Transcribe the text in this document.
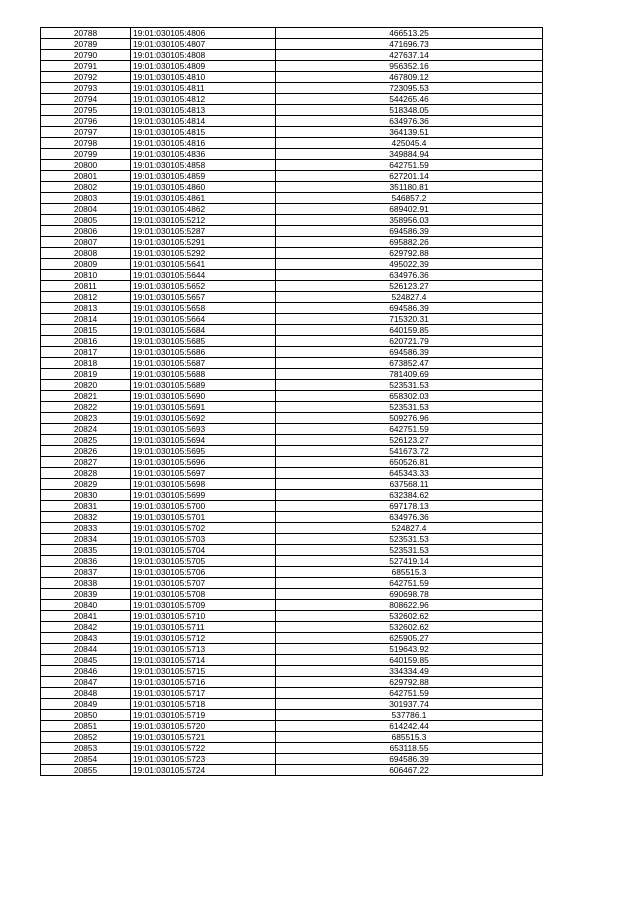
20788	19:01:030105:4806	466513.25
20789	19:01:030105:4807	471696.73
20790	19:01:030105:4808	427637.14
20791	19:01:030105:4809	956352.16
20792	19:01:030105:4810	467809.12
20793	19:01:030105:4811	723095.53
20794	19:01:030105:4812	544265.46
20795	19:01:030105:4813	518348.05
20796	19:01:030105:4814	634976.36
20797	19:01:030105:4815	364139.51
20798	19:01:030105:4816	425045.4
20799	19:01:030105:4836	349884.94
20800	19:01:030105:4858	642751.59
20801	19:01:030105:4859	627201.14
20802	19:01:030105:4860	351180.81
20803	19:01:030105:4861	546857.2
20804	19:01:030105:4862	689402.91
20805	19:01:030105:5212	358956.03
20806	19:01:030105:5287	694586.39
20807	19:01:030105:5291	695882.26
20808	19:01:030105:5292	629792.88
20809	19:01:030105:5641	495022.39
20810	19:01:030105:5644	634976.36
20811	19:01:030105:5652	526123.27
20812	19:01:030105:5657	524827.4
20813	19:01:030105:5658	694586.39
20814	19:01:030105:5664	715320.31
20815	19:01:030105:5684	640159.85
20816	19:01:030105:5685	620721.79
20817	19:01:030105:5686	694586.39
20818	19:01:030105:5687	673852.47
20819	19:01:030105:5688	781409.69
20820	19:01:030105:5689	523531.53
20821	19:01:030105:5690	658302.03
20822	19:01:030105:5691	523531.53
20823	19:01:030105:5692	509276.96
20824	19:01:030105:5693	642751.59
20825	19:01:030105:5694	526123.27
20826	19:01:030105:5695	541673.72
20827	19:01:030105:5696	650526.81
20828	19:01:030105:5697	645343.33
20829	19:01:030105:5698	637568.11
20830	19:01:030105:5699	632384.62
20831	19:01:030105:5700	697178.13
20832	19:01:030105:5701	634976.36
20833	19:01:030105:5702	524827.4
20834	19:01:030105:5703	523531.53
20835	19:01:030105:5704	523531.53
20836	19:01:030105:5705	527419.14
20837	19:01:030105:5706	685515.3
20838	19:01:030105:5707	642751.59
20839	19:01:030105:5708	690698.78
20840	19:01:030105:5709	808622.96
20841	19:01:030105:5710	532602.62
20842	19:01:030105:5711	532602.62
20843	19:01:030105:5712	625905.27
20844	19:01:030105:5713	519643.92
20845	19:01:030105:5714	640159.85
20846	19:01:030105:5715	334334.49
20847	19:01:030105:5716	629792.88
20848	19:01:030105:5717	642751.59
20849	19:01:030105:5718	301937.74
20850	19:01:030105:5719	537786.1
20851	19:01:030105:5720	614242.44
20852	19:01:030105:5721	685515.3
20853	19:01:030105:5722	653118.55
20854	19:01:030105:5723	694586.39
20855	19:01:030105:5724	606467.22
